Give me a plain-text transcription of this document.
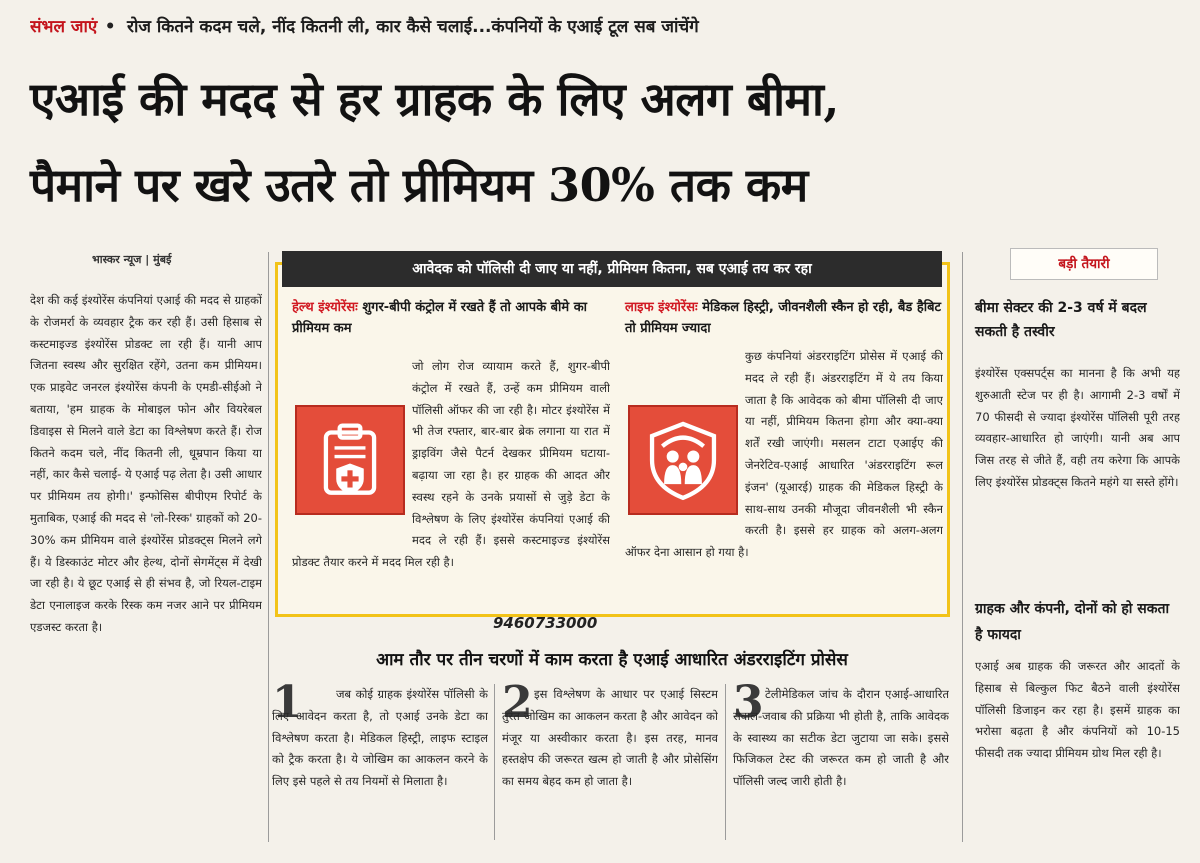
संभल जाएं • रोज कितने कदम चले, नींद कितनी ली, कार कैसे चलाई...कंपनियों के एआई टूल सब जांचेंगे
एआई की मदद से हर ग्राहक के लिए अलग बीमा,
पैमाने पर खरे उतरे तो प्रीमियम 30% तक कम
भास्कर न्यूज | मुंबई
देश की कई इंश्योरेंस कंपनियां एआई की मदद से ग्राहकों के रोजमर्रा के व्यवहार ट्रैक कर रही हैं। उसी हिसाब से कस्टमाइज्ड इंश्योरेंस प्रोडक्ट ला रही हैं। यानी आप जितना स्वस्थ और सुरक्षित रहेंगे, उतना कम प्रीमियम। एक प्राइवेट जनरल इंश्योरेंस कंपनी के एमडी-सीईओ ने बताया, 'हम ग्राहक के मोबाइल फोन और वियरेबल डिवाइस से मिलने वाले डेटा का विश्लेषण करते हैं। रोज कितने कदम चले, नींद कितनी ली, धूम्रपान किया या नहीं, कार कैसे चलाई- ये एआई पढ़ लेता है। उसी आधार पर प्रीमियम तय होगी।' इन्फोसिस बीपीएम रिपोर्ट के मुताबिक, एआई की मदद से 'लो-रिस्क' ग्राहकों को 20-30% कम प्रीमियम वाले इंश्योरेंस प्रोडक्ट्स मिलने लगे हैं। ये डिस्काउंट मोटर और हेल्थ, दोनों सेगमेंट्स में देखी जा रही है। ये छूट एआई से ही संभव है, जो रियल-टाइम डेटा एनालाइज करके रिस्क कम नजर आने पर प्रीमियम एडजस्ट करता है।
आवेदक को पॉलिसी दी जाए या नहीं, प्रीमियम कितना, सब एआई तय कर रहा
हेल्थ इंश्योरेंसः शुगर-बीपी कंट्रोल में रखते हैं तो आपके बीमे का प्रीमियम कम
जो लोग रोज व्यायाम करते हैं, शुगर-बीपी कंट्रोल में रखते हैं, उन्हें कम प्रीमियम वाली पॉलिसी ऑफर की जा रही है। मोटर इंश्योरेंस में भी तेज रफ्तार, बार-बार ब्रेक लगाना या रात में ड्राइविंग जैसे पैटर्न देखकर प्रीमियम घटाया-बढ़ाया जा रहा है। हर ग्राहक की आदत और स्वस्थ रहने के उनके प्रयासों से जुड़े डेटा के विश्लेषण के लिए इंश्योरेंस कंपनियां एआई की मदद ले रही हैं। इससे कस्टमाइज्ड इंश्योरेंस प्रोडक्ट तैयार करने में मदद मिल रही है।
लाइफ इंश्योरेंसः मेडिकल हिस्ट्री, जीवनशैली स्कैन हो रही, बैड हैबिट तो प्रीमियम ज्यादा
कुछ कंपनियां अंडरराइटिंग प्रोसेस में एआई की मदद ले रही हैं। अंडरराइटिंग में ये तय किया जाता है कि आवेदक को बीमा पॉलिसी दी जाए या नहीं, प्रीमियम कितना होगा और क्या-क्या शर्तें रखी जाएंगी। मसलन टाटा एआईए की जेनरेटिव-एआई आधारित 'अंडरराइटिंग रूल इंजन' (यूआरई) ग्राहक की मेडिकल हिस्ट्री के साथ-साथ उनकी मौजूदा जीवनशैली भी स्कैन करती है। इससे हर ग्राहक को अलग-अलग ऑफर देना आसान हो गया है।
9460733000
आम तौर पर तीन चरणों में काम करता है एआई आधारित अंडरराइटिंग प्रोसेस
1	जब कोई ग्राहक इंश्योरेंस पॉलिसी के लिए आवेदन करता है, तो एआई उनके डेटा का विश्लेषण करता है। मेडिकल हिस्ट्री, लाइफ स्टाइल को ट्रैक करता है। ये जोखिम का आकलन करने के लिए इसे पहले से तय नियमों से मिलाता है।
2 इस विश्लेषण के आधार पर एआई सिस्टम तुरंत जोखिम का आकलन करता है और आवेदन को मंजूर या अस्वीकार करता है। इस तरह, मानव हस्तक्षेप की जरूरत खत्म हो जाती है और प्रोसेसिंग का समय बेहद कम हो जाता है।
3 टेलीमेडिकल जांच के दौरान एआई-आधारित सवाल-जवाब की प्रक्रिया भी होती है, ताकि आवेदक के स्वास्थ्य का सटीक डेटा जुटाया जा सके। इससे फिजिकल टेस्ट की जरूरत कम हो जाती है और पॉलिसी जल्द जारी होती है।
बड़ी तैयारी
बीमा सेक्टर की 2-3 वर्ष में बदल सकती है तस्वीर
इंश्योरेंस एक्सपर्ट्स का मानना है कि अभी यह शुरुआती स्टेज पर ही है। आगामी 2-3 वर्षों में 70 फीसदी से ज्यादा इंश्योरेंस पॉलिसी पूरी तरह व्यवहार-आधारित हो जाएंगी। यानी अब आप जिस तरह से जीते हैं, वही तय करेगा कि आपके लिए इंश्योरेंस प्रोडक्ट्स कितने महंगे या सस्ते होंगे।
ग्राहक और कंपनी, दोनों को हो सकता है फायदा
एआई अब ग्राहक की जरूरत और आदतों के हिसाब से बिल्कुल फिट बैठने वाली इंश्योरेंस पॉलिसी डिजाइन कर रहा है। इसमें ग्राहक का भरोसा बढ़ता है और कंपनियों को 10-15 फीसदी तक ज्यादा प्रीमियम ग्रोथ मिल रही है।
